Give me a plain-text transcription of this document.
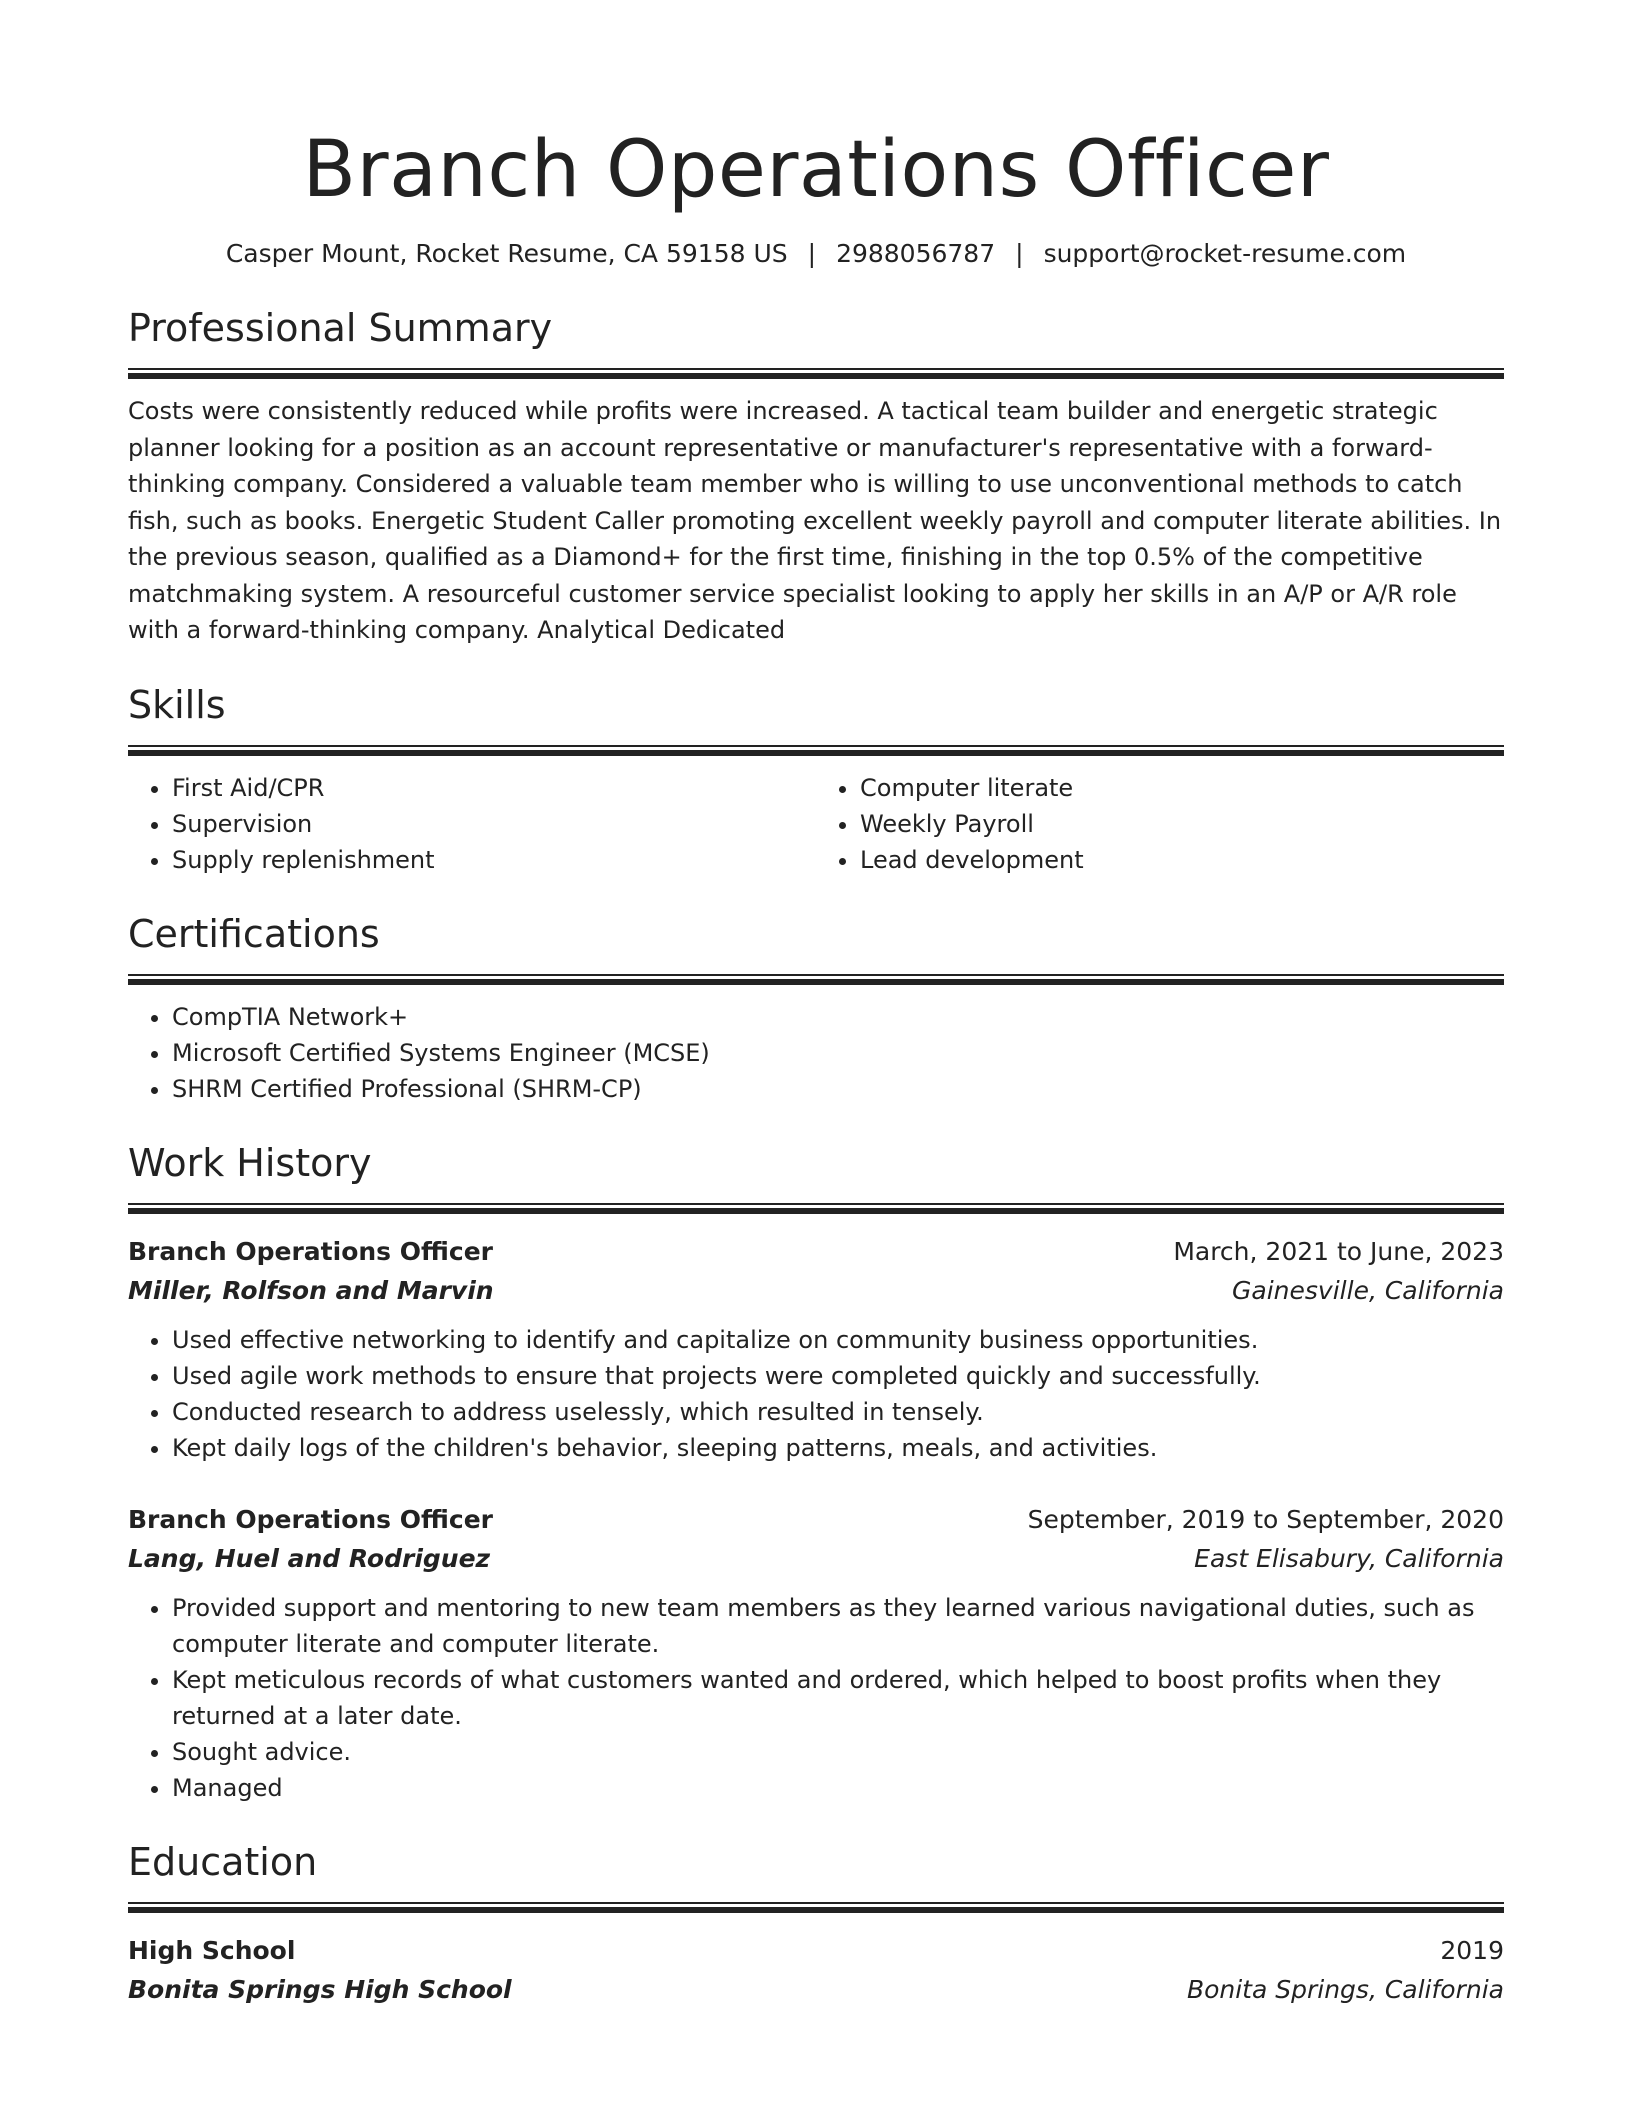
Branch Operations Officer
Casper Mount, Rocket Resume, CA 59158 US | 2988056787 | support@rocket-resume.com
Professional Summary
Costs were consistently reduced while profits were increased. A tactical team builder and energetic strategic planner looking for a position as an account representative or manufacturer's representative with a forward-thinking company. Considered a valuable team member who is willing to use unconventional methods to catch fish, such as books. Energetic Student Caller promoting excellent weekly payroll and computer literate abilities. In the previous season, qualified as a Diamond+ for the first time, finishing in the top 0.5% of the competitive matchmaking system. A resourceful customer service specialist looking to apply her skills in an A/P or A/R role with a forward-thinking company. Analytical Dedicated
Skills
• First Aid/CPR
• Supervision
• Supply replenishment
• Computer literate
• Weekly Payroll
• Lead development
Certifications
• CompTIA Network+
• Microsoft Certified Systems Engineer (MCSE)
• SHRM Certified Professional (SHRM-CP)
Work History
Branch Operations Officer	March, 2021 to June, 2023
Miller, Rolfson and Marvin	Gainesville, California
• Used effective networking to identify and capitalize on community business opportunities.
• Used agile work methods to ensure that projects were completed quickly and successfully.
• Conducted research to address uselessly, which resulted in tensely.
• Kept daily logs of the children's behavior, sleeping patterns, meals, and activities.
Branch Operations Officer	September, 2019 to September, 2020
Lang, Huel and Rodriguez	East Elisabury, California
• Provided support and mentoring to new team members as they learned various navigational duties, such as computer literate and computer literate.
• Kept meticulous records of what customers wanted and ordered, which helped to boost profits when they returned at a later date.
• Sought advice.
• Managed
Education
High School	2019
Bonita Springs High School	Bonita Springs, California
